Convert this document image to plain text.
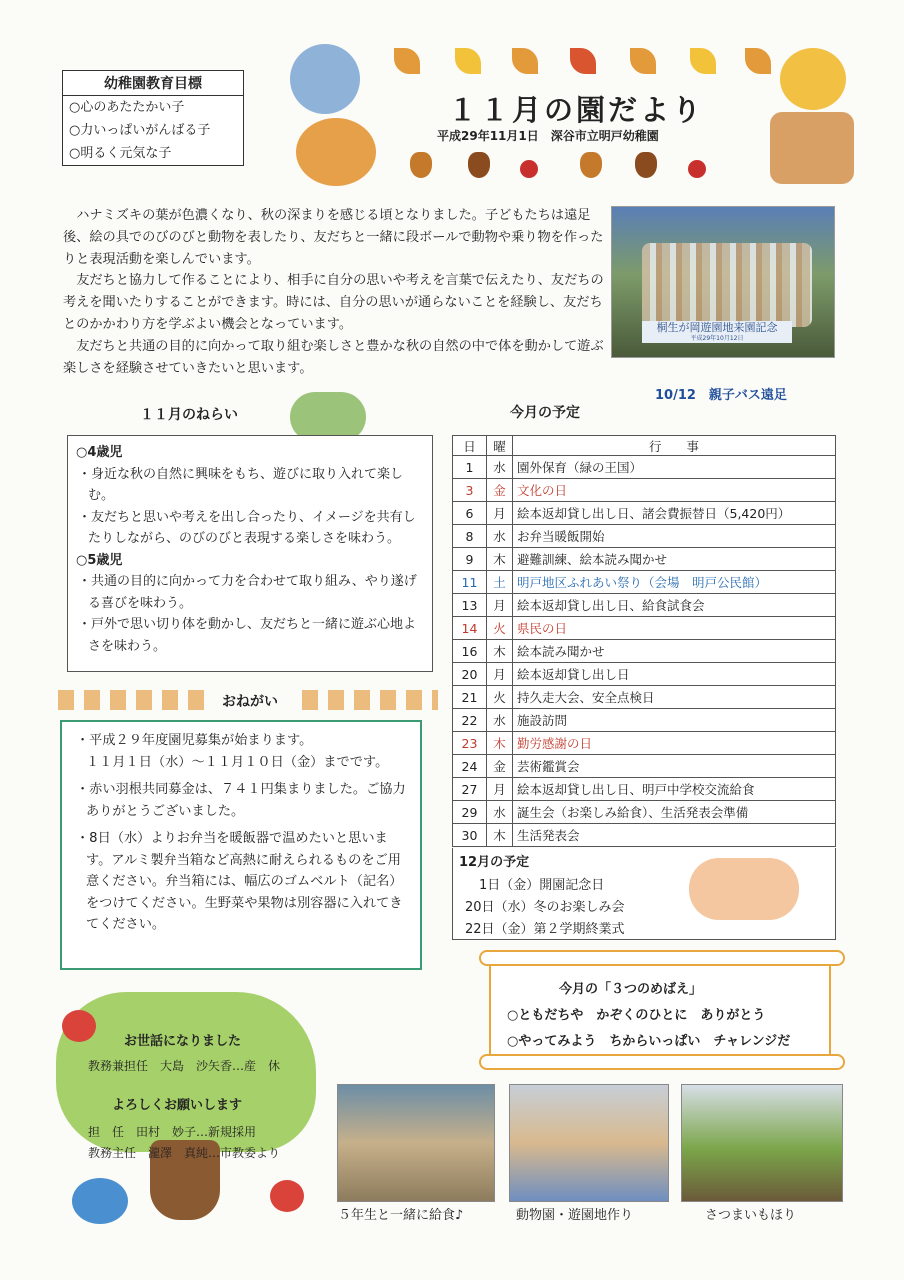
幼稚園教育目標
○心のあたたかい子
○力いっぱいがんばる子
○明るく元気な子
１１月の園だより
平成29年11月1日　深谷市立明戸幼稚園

ハナミズキの葉が色濃くなり、秋の深まりを感じる頃となりました。子どもたちは遠足後、絵の具でのびのびと動物を表したり、友だちと一緒に段ボールで動物や乗り物を作ったりと表現活動を楽しんでいます。

友だちと協力して作ることにより、相手に自分の思いや考えを言葉で伝えたり、友だちの考えを聞いたりすることができます。時には、自分の思いが通らないことを経験し、友だちとのかかわり方を学ぶよい機会となっています。

友だちと共通の目的に向かって取り組む楽しさと豊かな秋の自然の中で体を動かして遊ぶ楽しさを経験させていきたいと思います。

桐生が岡遊園地来園記念
平成29年10月12日
10/12　親子バス遠足
１１月のねらい
○4歳児
・身近な秋の自然に興味をもち、遊びに取り入れて楽しむ。
・友だちと思いや考えを出し合ったり、イメージを共有したりしながら、のびのびと表現する楽しさを味わう。
○5歳児
・共通の目的に向かって力を合わせて取り組み、やり遂げる喜びを味わう。
・戸外で思い切り体を動かし、友だちと一緒に遊ぶ心地よさを味わう。
今月の予定
日	曜	行　　事
1	水	園外保育（緑の王国）
3	金	文化の日
6	月	絵本返却貸し出し日、諸会費振替日（5,420円）
8	水	お弁当暖飯開始
9	木	避難訓練、絵本読み聞かせ
11	土	明戸地区ふれあい祭り（会場　明戸公民館）
13	月	絵本返却貸し出し日、給食試食会
14	火	県民の日
16	木	絵本読み聞かせ
20	月	絵本返却貸し出し日
21	火	持久走大会、安全点検日
22	水	施設訪問
23	木	勤労感謝の日
24	金	芸術鑑賞会
27	月	絵本返却貸し出し日、明戸中学校交流給食
29	水	誕生会（お楽しみ給食）、生活発表会準備
30	木	生活発表会
12月の予定
1日（金）開園記念日
20日（水）冬のお楽しみ会
22日（金）第２学期終業式
おねがい
・平成２９年度園児募集が始まります。
１１月１日（水）～１１月１０日（金）までです。
・赤い羽根共同募金は、７４１円集まりました。ご協力ありがとうございました。
・8日（水）よりお弁当を暖飯器で温めたいと思います。アルミ製弁当箱など高熱に耐えられるものをご用意ください。弁当箱には、幅広のゴムベルト（記名）をつけてください。生野菜や果物は別容器に入れてきてください。
今月の「３つのめばえ」
○ともだちや　かぞくのひとに　ありがとう
○やってみよう　ちからいっぱい　チャレンジだ
お世話になりました
教務兼担任　大島　沙矢香…産　休
よろしくお願いします
担　任　田村　妙子…新規採用
教務主任　瀧澤　真純…市教委より
５年生と一緒に給食♪	動物園・遊園地作り	さつまいもほり
